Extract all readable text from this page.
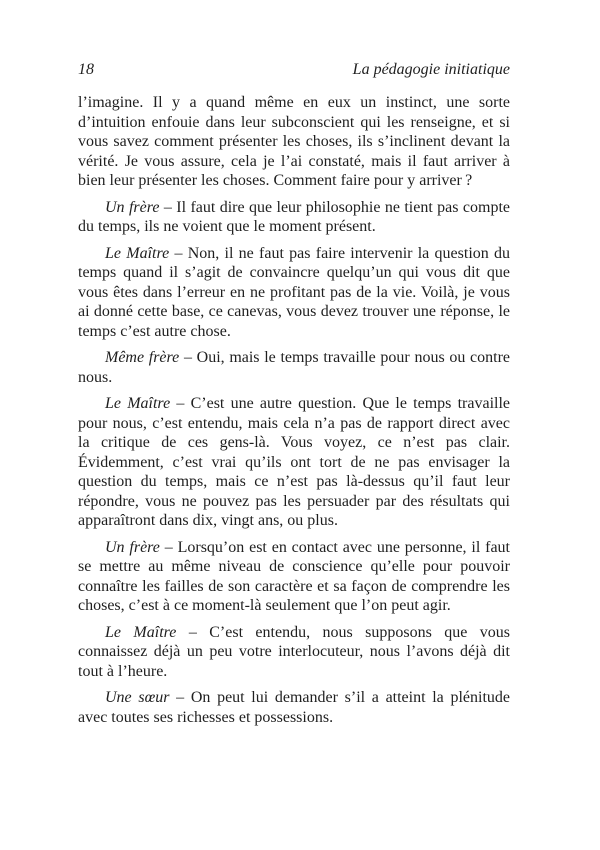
18	La pédagogie initiatique

l’imagine. Il y a quand même en eux un instinct, une sorte d’intuition enfouie dans leur subconscient qui les renseigne, et si vous savez comment présenter les choses, ils s’inclinent devant la vérité. Je vous assure, cela je l’ai constaté, mais il faut arriver à bien leur présenter les choses. Comment faire pour y arriver ?

Un frère – Il faut dire que leur philosophie ne tient pas compte du temps, ils ne voient que le moment présent.

Le Maître – Non, il ne faut pas faire intervenir la question du temps quand il s’agit de convaincre quelqu’un qui vous dit que vous êtes dans l’erreur en ne profitant pas de la vie. Voilà, je vous ai donné cette base, ce canevas, vous devez trouver une réponse, le temps c’est autre chose.

Même frère – Oui, mais le temps travaille pour nous ou contre nous.

Le Maître – C’est une autre question. Que le temps travaille pour nous, c’est entendu, mais cela n’a pas de rapport direct avec la critique de ces gens-là. Vous voyez, ce n’est pas clair. Évidemment, c’est vrai qu’ils ont tort de ne pas envisager la question du temps, mais ce n’est pas là-dessus qu’il faut leur répondre, vous ne pouvez pas les persuader par des résultats qui apparaîtront dans dix, vingt ans, ou plus.

Un frère – Lorsqu’on est en contact avec une personne, il faut se mettre au même niveau de conscience qu’elle pour pouvoir connaître les failles de son caractère et sa façon de comprendre les choses, c’est à ce moment-là seulement que l’on peut agir.

Le Maître – C’est entendu, nous supposons que vous connaissez déjà un peu votre interlocuteur, nous l’avons déjà dit tout à l’heure.

Une sœur – On peut lui demander s’il a atteint la plénitude avec toutes ses richesses et possessions.
